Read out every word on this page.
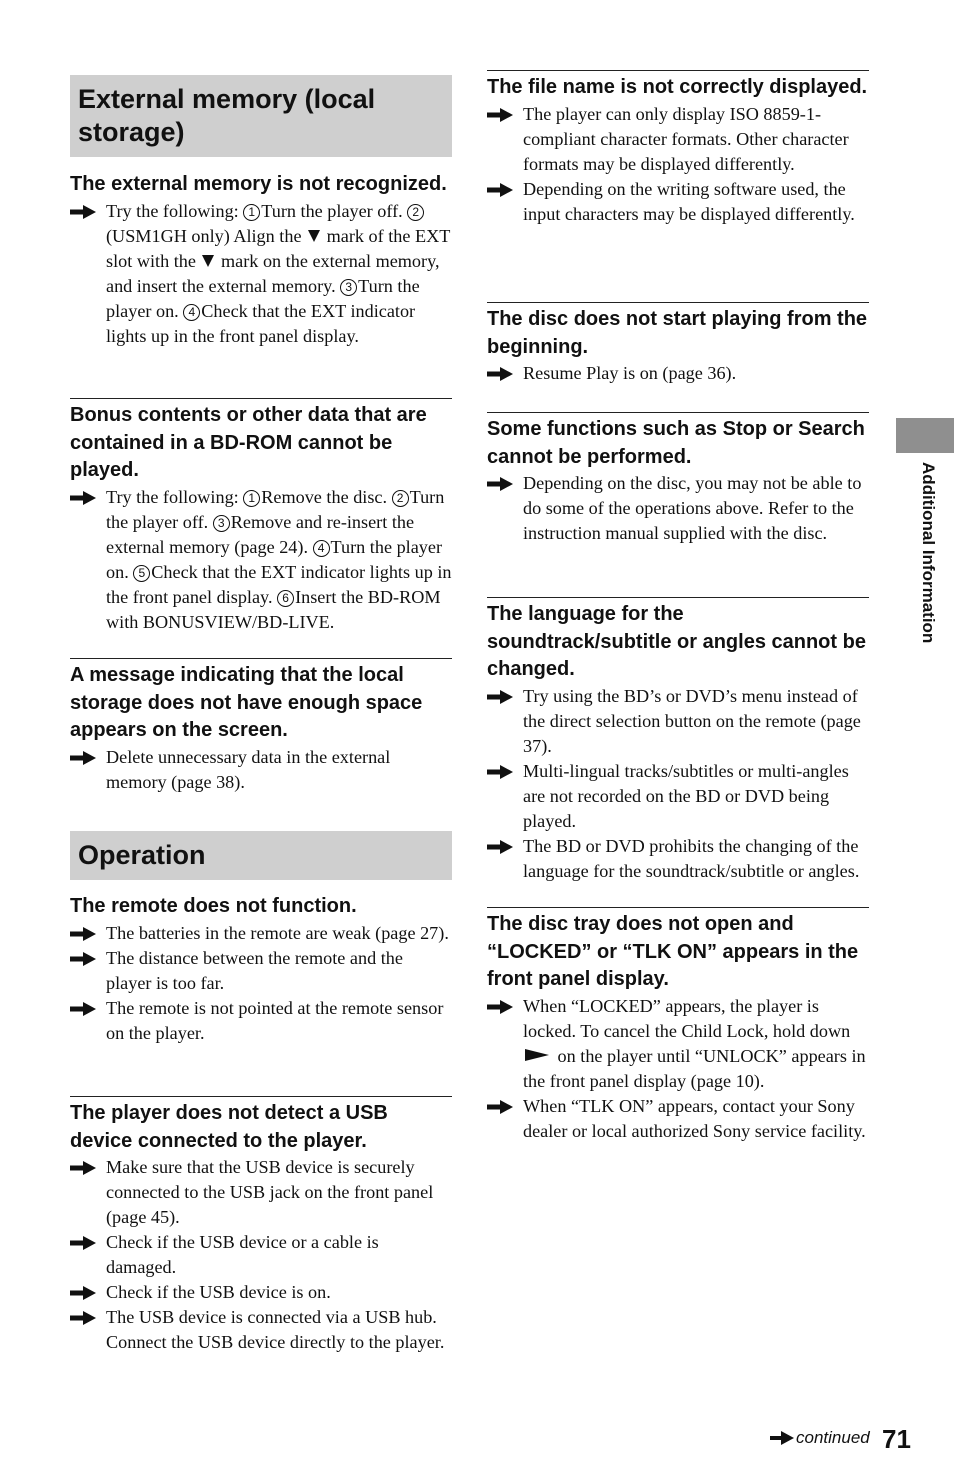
External memory (local storage)
The external memory is not recognized.
Try the following: 1 Turn the player off. 2(USM1GH only) Align the  mark of the EXT slot with the  mark on the external memory, and insert the external memory. 3 Turn the player on. 4 Check that the EXT indicator lights up in the front panel display.
Bonus contents or other data that are contained in a BD-ROM cannot be played.
Try the following: 1 Remove the disc. 2 Turn the player off. 3 Remove and re-insert the external memory (page 24). 4 Turn the player on. 5 Check that the EXT indicator lights up in the front panel display. 6 Insert the BD-ROM with BONUSVIEW/BD-LIVE.
A message indicating that the local storage does not have enough space appears on the screen.
Delete unnecessary data in the external memory (page 38).
Operation
The remote does not function.
The batteries in the remote are weak (page 27).
The distance between the remote and the player is too far.
The remote is not pointed at the remote sensor on the player.
The player does not detect a USB device connected to the player.
Make sure that the USB device is securely connected to the USB jack on the front panel (page 45).
Check if the USB device or a cable is damaged.
Check if the USB device is on.
The USB device is connected via a USB hub. Connect the USB device directly to the player.
The file name is not correctly displayed.
The player can only display ISO 8859-1-compliant character formats. Other character formats may be displayed differently.
Depending on the writing software used, the input characters may be displayed differently.
The disc does not start playing from the beginning.
Resume Play is on (page 36).
Some functions such as Stop or Search cannot be performed.
Depending on the disc, you may not be able to do some of the operations above. Refer to the instruction manual supplied with the disc.
The language for the soundtrack/subtitle or angles cannot be changed.
Try using the BD’s or DVD’s menu instead of the direct selection button on the remote (page 37).
Multi-lingual tracks/subtitles or multi-angles are not recorded on the BD or DVD being played.
The BD or DVD prohibits the changing of the language for the soundtrack/subtitle or angles.
The disc tray does not open and “LOCKED” or “TLK ON” appears in the front panel display.
When “LOCKED” appears, the player is locked. To cancel the Child Lock, hold down  on the player until “UNLOCK” appears in the front panel display (page 10).
When “TLK ON” appears, contact your Sony dealer or local authorized Sony service facility.
Additional Information
continued 71
